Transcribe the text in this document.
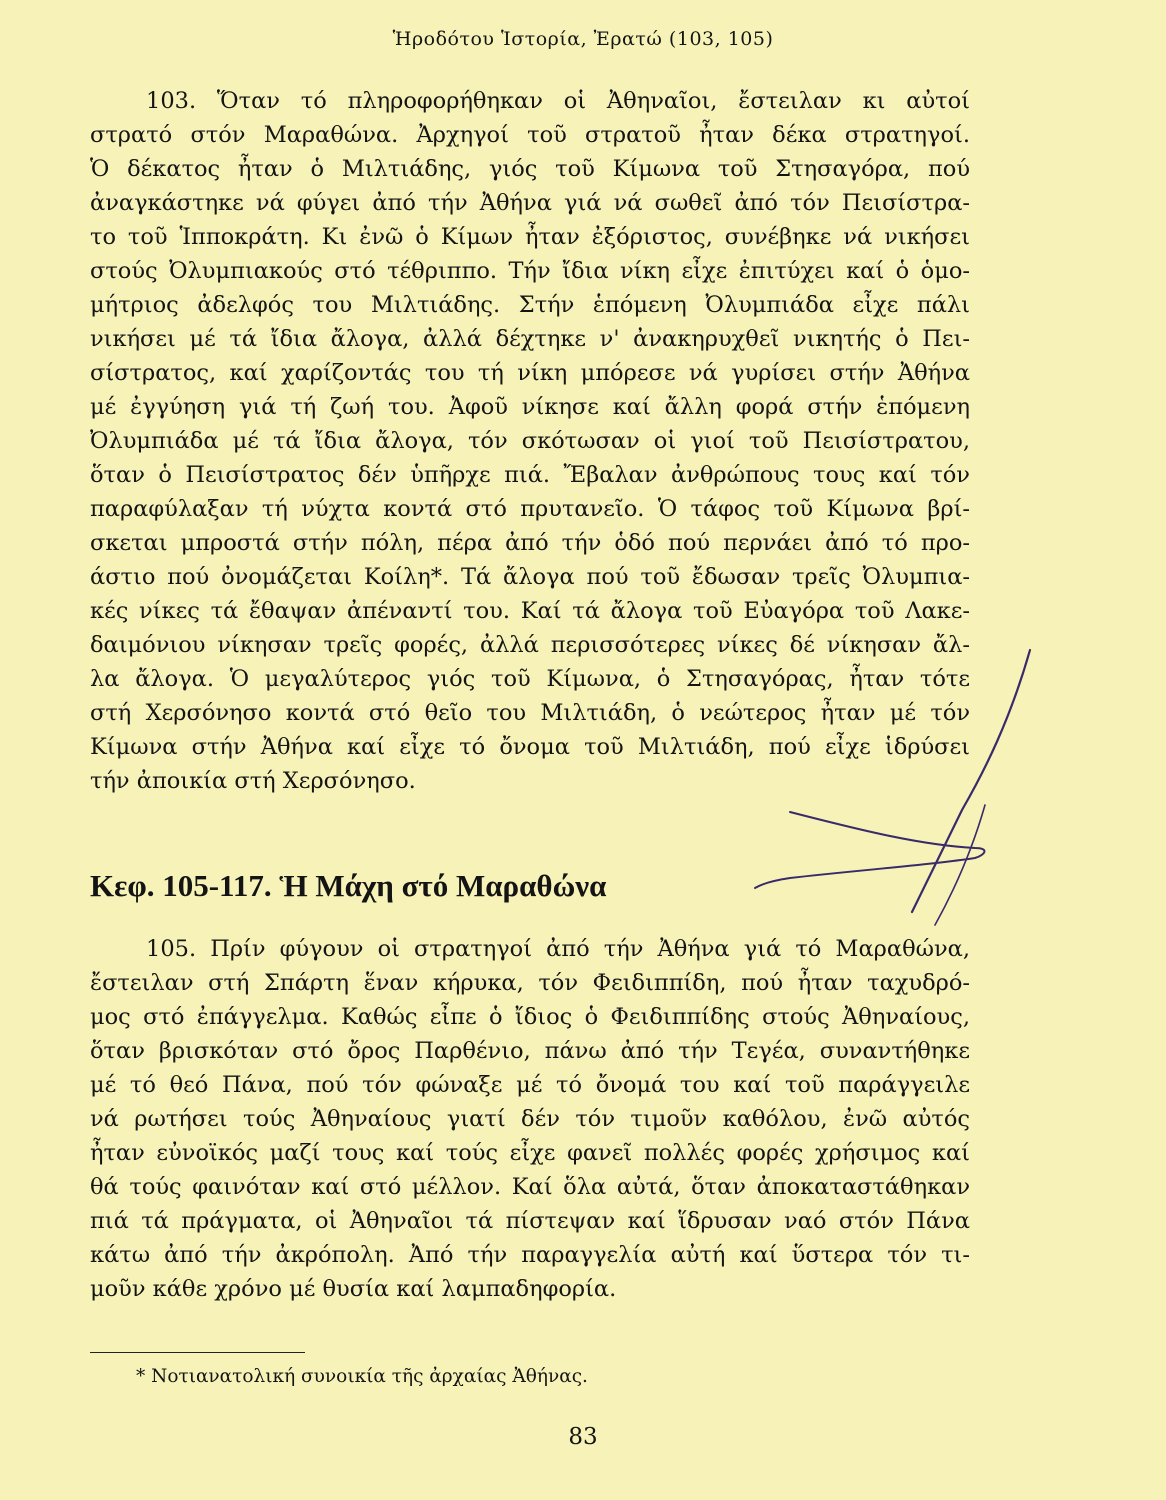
Ἡροδότου Ἱστορία, Ἐρατώ (103, 105)
103. Ὅταν τό πληροφορήθηκαν οἱ Ἀθηναῖοι, ἔστειλαν κι αὐτοί
στρατό στόν Μαραθώνα. Ἀρχηγοί τοῦ στρατοῦ ἦταν δέκα στρατηγοί.
Ὁ δέκατος ἦταν ὁ Μιλτιάδης, γιός τοῦ Κίμωνα τοῦ Στησαγόρα, πού
ἀναγκάστηκε νά φύγει ἀπό τήν Ἀθήνα γιά νά σωθεῖ ἀπό τόν Πεισίστρα-
το τοῦ Ἱπποκράτη. Κι ἐνῶ ὁ Κίμων ἦταν ἐξόριστος, συνέβηκε νά νικήσει
στούς Ὀλυμπιακούς στό τέθριππο. Τήν ἴδια νίκη εἶχε ἐπιτύχει καί ὁ ὁμο-
μήτριος ἀδελφός του Μιλτιάδης. Στήν ἑπόμενη Ὀλυμπιάδα εἶχε πάλι
νικήσει μέ τά ἴδια ἄλογα, ἀλλά δέχτηκε ν' ἀνακηρυχθεῖ νικητής ὁ Πει-
σίστρατος, καί χαρίζοντάς του τή νίκη μπόρεσε νά γυρίσει στήν Ἀθήνα
μέ ἐγγύηση γιά τή ζωή του. Ἀφοῦ νίκησε καί ἄλλη φορά στήν ἑπόμενη
Ὀλυμπιάδα μέ τά ἴδια ἄλογα, τόν σκότωσαν οἱ γιοί τοῦ Πεισίστρατου,
ὅταν ὁ Πεισίστρατος δέν ὑπῆρχε πιά. Ἔβαλαν ἀνθρώπους τους καί τόν
παραφύλαξαν τή νύχτα κοντά στό πρυτανεῖο. Ὁ τάφος τοῦ Κίμωνα βρί-
σκεται μπροστά στήν πόλη, πέρα ἀπό τήν ὁδό πού περνάει ἀπό τό προ-
άστιο πού ὀνομάζεται Κοίλη*. Τά ἄλογα πού τοῦ ἔδωσαν τρεῖς Ὀλυμπια-
κές νίκες τά ἔθαψαν ἀπέναντί του. Καί τά ἄλογα τοῦ Εὐαγόρα τοῦ Λακε-
δαιμόνιου νίκησαν τρεῖς φορές, ἀλλά περισσότερες νίκες δέ νίκησαν ἄλ-
λα ἄλογα. Ὁ μεγαλύτερος γιός τοῦ Κίμωνα, ὁ Στησαγόρας, ἦταν τότε
στή Χερσόνησο κοντά στό θεῖο του Μιλτιάδη, ὁ νεώτερος ἦταν μέ τόν
Κίμωνα στήν Ἀθήνα καί εἶχε τό ὄνομα τοῦ Μιλτιάδη, πού εἶχε ἱδρύσει
τήν ἀποικία στή Χερσόνησο.
Κεφ. 105-117. Ἡ Μάχη στό Μαραθώνα
105. Πρίν φύγουν οἱ στρατηγοί ἀπό τήν Ἀθήνα γιά τό Μαραθώνα,
ἔστειλαν στή Σπάρτη ἕναν κήρυκα, τόν Φειδιππίδη, πού ἦταν ταχυδρό-
μος στό ἐπάγγελμα. Καθώς εἶπε ὁ ἴδιος ὁ Φειδιππίδης στούς Ἀθηναίους,
ὅταν βρισκόταν στό ὄρος Παρθένιο, πάνω ἀπό τήν Τεγέα, συναντήθηκε
μέ τό θεό Πάνα, πού τόν φώναξε μέ τό ὄνομά του καί τοῦ παράγγειλε
νά ρωτήσει τούς Ἀθηναίους γιατί δέν τόν τιμοῦν καθόλου, ἐνῶ αὐτός
ἦταν εὐνοϊκός μαζί τους καί τούς εἶχε φανεῖ πολλές φορές χρήσιμος καί
θά τούς φαινόταν καί στό μέλλον. Καί ὅλα αὐτά, ὅταν ἀποκαταστάθηκαν
πιά τά πράγματα, οἱ Ἀθηναῖοι τά πίστεψαν καί ἵδρυσαν ναό στόν Πάνα
κάτω ἀπό τήν ἀκρόπολη. Ἀπό τήν παραγγελία αὐτή καί ὕστερα τόν τι-
μοῦν κάθε χρόνο μέ θυσία καί λαμπαδηφορία.
* Νοτιανατολική συνοικία τῆς ἀρχαίας Ἀθήνας.
83
